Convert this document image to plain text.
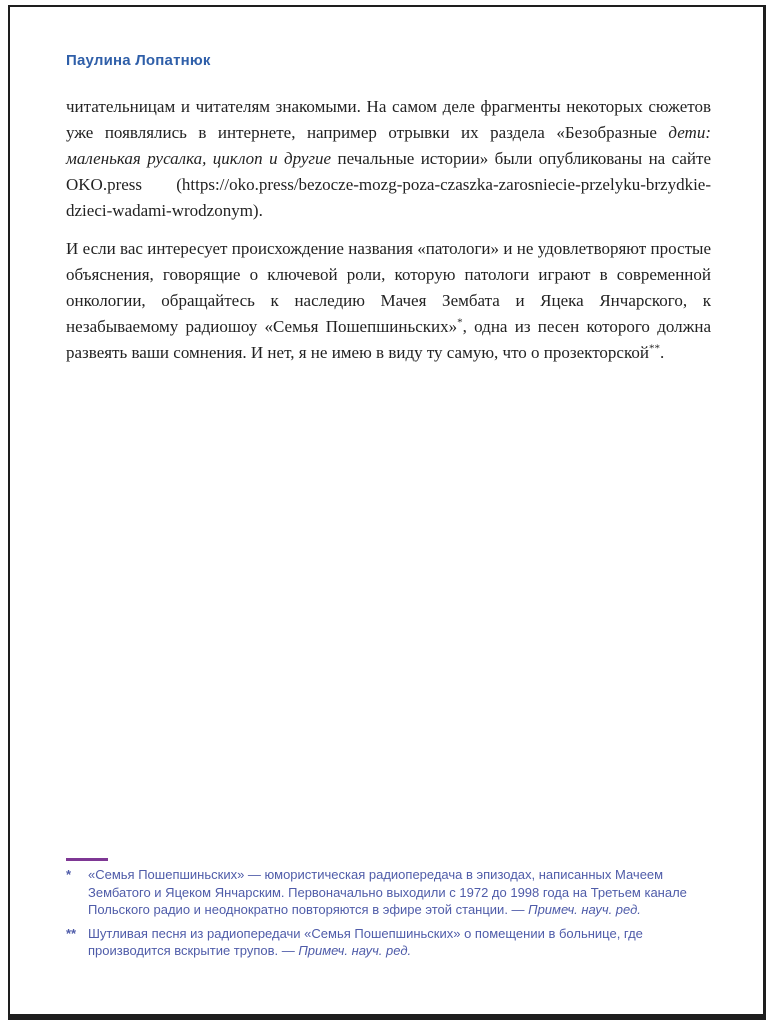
Паулина Лопатнюк

читательницам и читателям знакомыми. На самом деле фрагменты некоторых сюжетов уже появлялись в интернете, например отрывки их раздела «Безобразные дети: маленькая русалка, циклоп и другие печальные истории» были опубликованы на сайте OKO.press (https://oko.press/bezocze-mozg-poza-czaszka-zarosniecie-przelyku-brzydkie-dzieci-wadami-wrodzonym).

И если вас интересует происхождение названия «патологи» и не удовлетворяют простые объяснения, говорящие о ключевой роли, которую патологи играют в современной онкологии, обращайтесь к наследию Мачея Зембата и Яцека Янчарского, к незабываемому радиошоу «Семья Пошепшиньских»*, одна из песен которого должна развеять ваши сомнения. И нет, я не имею в виду ту самую, что о прозекторской**.

* «Семья Пошепшиньских» — юмористическая радиопередача в эпизодах, написанных Мачеем Зембатого и Яцеком Янчарским. Первоначально выходили с 1972 до 1998 года на Третьем канале Польского радио и неоднократно повторяются в эфире этой станции. — Примеч. науч. ред.
** Шутливая песня из радиопередачи «Семья Пошепшиньских» о помещении в больнице, где производится вскрытие трупов. — Примеч. науч. ред.
